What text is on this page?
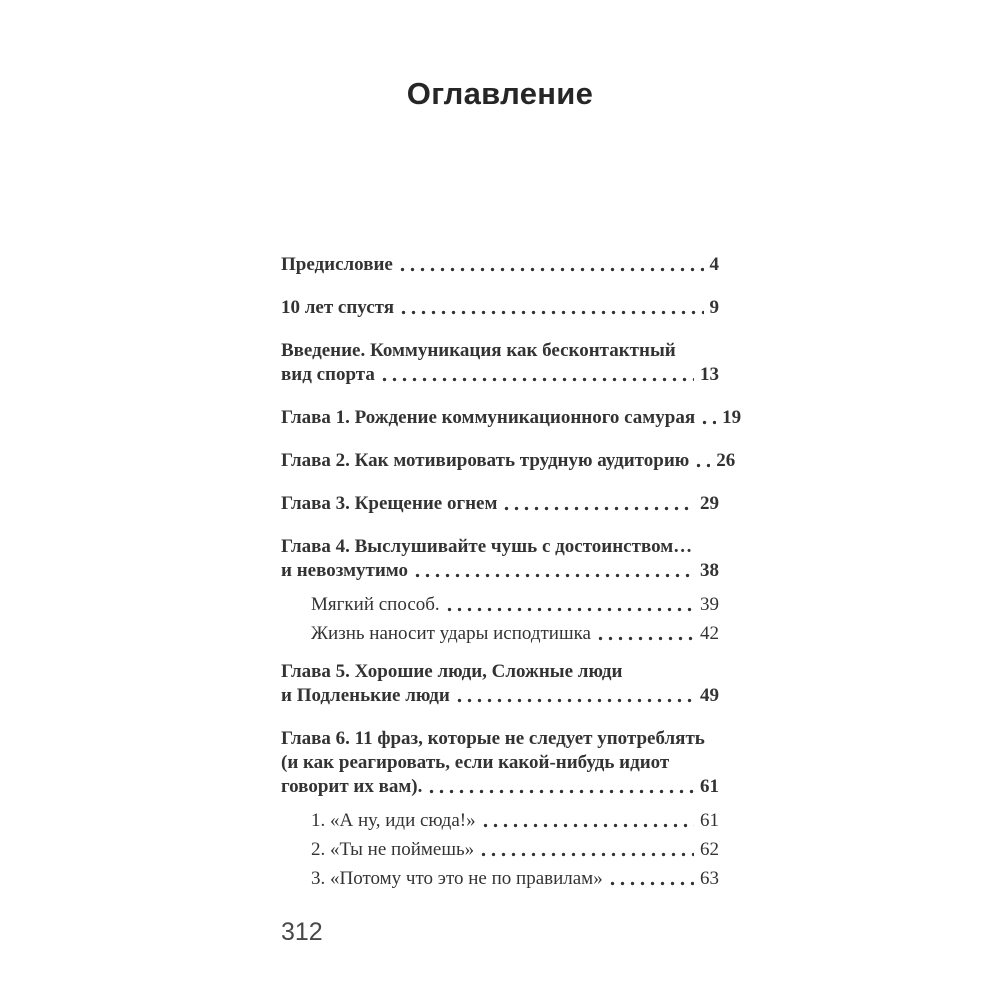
Оглавление
Предисловие	4
10 лет спустя	9
Введение. Коммуникация как бесконтактный
вид спорта	13
Глава 1. Рождение коммуникационного самурая 19
Глава 2. Как мотивировать трудную аудиторию 26
Глава 3. Крещение огнем	29
Глава 4. Выслушивайте чушь с достоинством…
и невозмутимо	38
Мягкий способ.	39
Жизнь наносит удары исподтишка	42
Глава 5. Хорошие люди, Сложные люди
и Подленькие люди	49
Глава 6. 11 фраз, которые не следует употреблять
(и как реагировать, если какой-нибудь идиот
говорит их вам).	61
1. «А ну, иди сюда!»	61
2. «Ты не поймешь»	62
3. «Потому что это не по правилам»	63
312
